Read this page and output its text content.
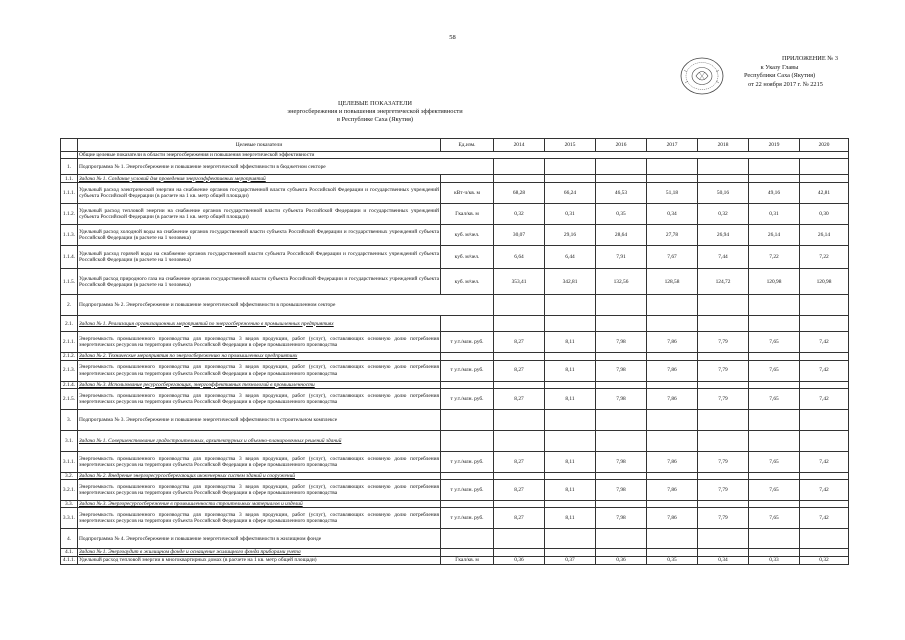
58
ПРИЛОЖЕНИЕ № 3
к Указу Главы
Республики Саха (Якутия)
от 22 ноября 2017 г. № 2215
ЦЕЛЕВЫЕ ПОКАЗАТЕЛИ
энергосбережения и повышения энергетической эффективности
в Республике Саха (Якутия)
	Целевые показатели	Ед.изм.	2014	2015	2016	2017	2018	2019	2020
	Общие целевые показатели в области энергосбережения и повышения энергетической эффективности								
1.	Подпрограмма № 1. Энергосбережение и повышение энергетической эффективности в бюджетном секторе								
1.1.	Задача № 1. Создание условий для проведения энергоэффективных мероприятий								
1.1.1.	Удельный расход электрической энергии на снабжение органов государственной власти субъекта Российской Федерации и государственных учреждений субъекта Российской Федерации (в расчете на 1 кв. метр общей площади)	кВт·ч/кв. м	68,28	66,24	46,53	51,18	50,16	49,16	42,81
1.1.2.	Удельный расход тепловой энергии на снабжение органов государственной власти субъекта Российской Федерации и государственных учреждений субъекта Российской Федерации (в расчете на 1 кв. метр общей площади)	Гкал/кв. м	0,32	0,31	0,35	0,34	0,32	0,31	0,30
1.1.3.	Удельный расход холодной воды на снабжение органов государственной власти субъекта Российской Федерации и государственных учреждений субъекта Российской Федерации (в расчете на 1 человека)	куб. м/чел.	30,07	29,16	28,64	27,78	26,94	26,14	26,14
1.1.4.	Удельный расход горячей воды на снабжение органов государственной власти субъекта Российской Федерации и государственных учреждений субъекта Российской Федерации (в расчете на 1 человека)	куб. м/чел.	6,64	6,44	7,91	7,67	7,44	7,22	7,22
1.1.5.	Удельный расход природного газа на снабжение органов государственной власти субъекта Российской Федерации и государственных учреждений субъекта Российской Федерации (в расчете на 1 человека)	куб. м/чел.	353,41	342,81	132,56	128,58	124,72	120,98	120,98
2.	Подпрограмма № 2. Энергосбережение и повышение энергетической эффективности в промышленном секторе								
2.1.	Задача № 1. Реализация организационных мероприятий по энергосбережению в промышленных предприятиях								
2.1.1.	Энергоемкость промышленного производства для производства 3 видов продукции, работ (услуг), составляющих основную долю потребления энергетических ресурсов на территории субъекта Российской Федерации в сфере промышленного производства	т у.т./млн. руб.	8,27	8,11	7,98	7,86	7,79	7,65	7,42
2.1.2.	Задача № 2. Технические мероприятия по энергосбережению на промышленных предприятиях								
2.1.3.	Энергоемкость промышленного производства для производства 3 видов продукции, работ (услуг), составляющих основную долю потребления энергетических ресурсов на территории субъекта Российской Федерации в сфере промышленного производства	т у.т./млн. руб.	8,27	8,11	7,98	7,86	7,79	7,65	7,42
2.1.4.	Задача № 3. Использование ресурсосберегающих, энергоэффективных технологий в промышленности								
2.1.5.	Энергоемкость промышленного производства для производства 3 видов продукции, работ (услуг), составляющих основную долю потребления энергетических ресурсов на территории субъекта Российской Федерации в сфере промышленного производства	т у.т./млн. руб.	8,27	8,11	7,98	7,86	7,79	7,65	7,42
3.	Подпрограмма № 3. Энергосбережение и повышение энергетической эффективности в строительном комплексе								
3.1.	Задача № 1. Совершенствование градостроительных, архитектурных и объемно-планировочных решений зданий								
3.1.1.	Энергоемкость промышленного производства для производства 3 видов продукции, работ (услуг), составляющих основную долю потребления энергетических ресурсов на территории субъекта Российской Федерации в сфере промышленного производства	т у.т./млн. руб.	8,27	8,11	7,98	7,86	7,79	7,65	7,42
3.2.	Задача № 2. Внедрение энергоресурсосберегающих инженерных систем зданий и сооружений								
3.2.1.	Энергоемкость промышленного производства для производства 3 видов продукции, работ (услуг), составляющих основную долю потребления энергетических ресурсов на территории субъекта Российской Федерации в сфере промышленного производства	т у.т./млн. руб.	8,27	8,11	7,98	7,86	7,79	7,65	7,42
3.3.	Задача № 3. Энергоресурсосбережение в промышленности строительных материалов и изделий								
3.3.1.	Энергоемкость промышленного производства для производства 3 видов продукции, работ (услуг), составляющих основную долю потребления энергетических ресурсов на территории субъекта Российской Федерации в сфере промышленного производства	т у.т./млн. руб.	8,27	8,11	7,98	7,86	7,79	7,65	7,42
4.	Подпрограмма № 4. Энергосбережение и повышение энергетической эффективности в жилищном фонде								
4.1.	Задача № 1. Энергоаудит в жилищном фонде и оснащение жилищного фонда приборами учета								
4.1.1.	Удельный расход тепловой энергии в многоквартирных домах (в расчете на 1 кв. метр общей площади)	Гкал/кв. м	0,36	0,37	0,36	0,35	0,34	0,33	0,32
